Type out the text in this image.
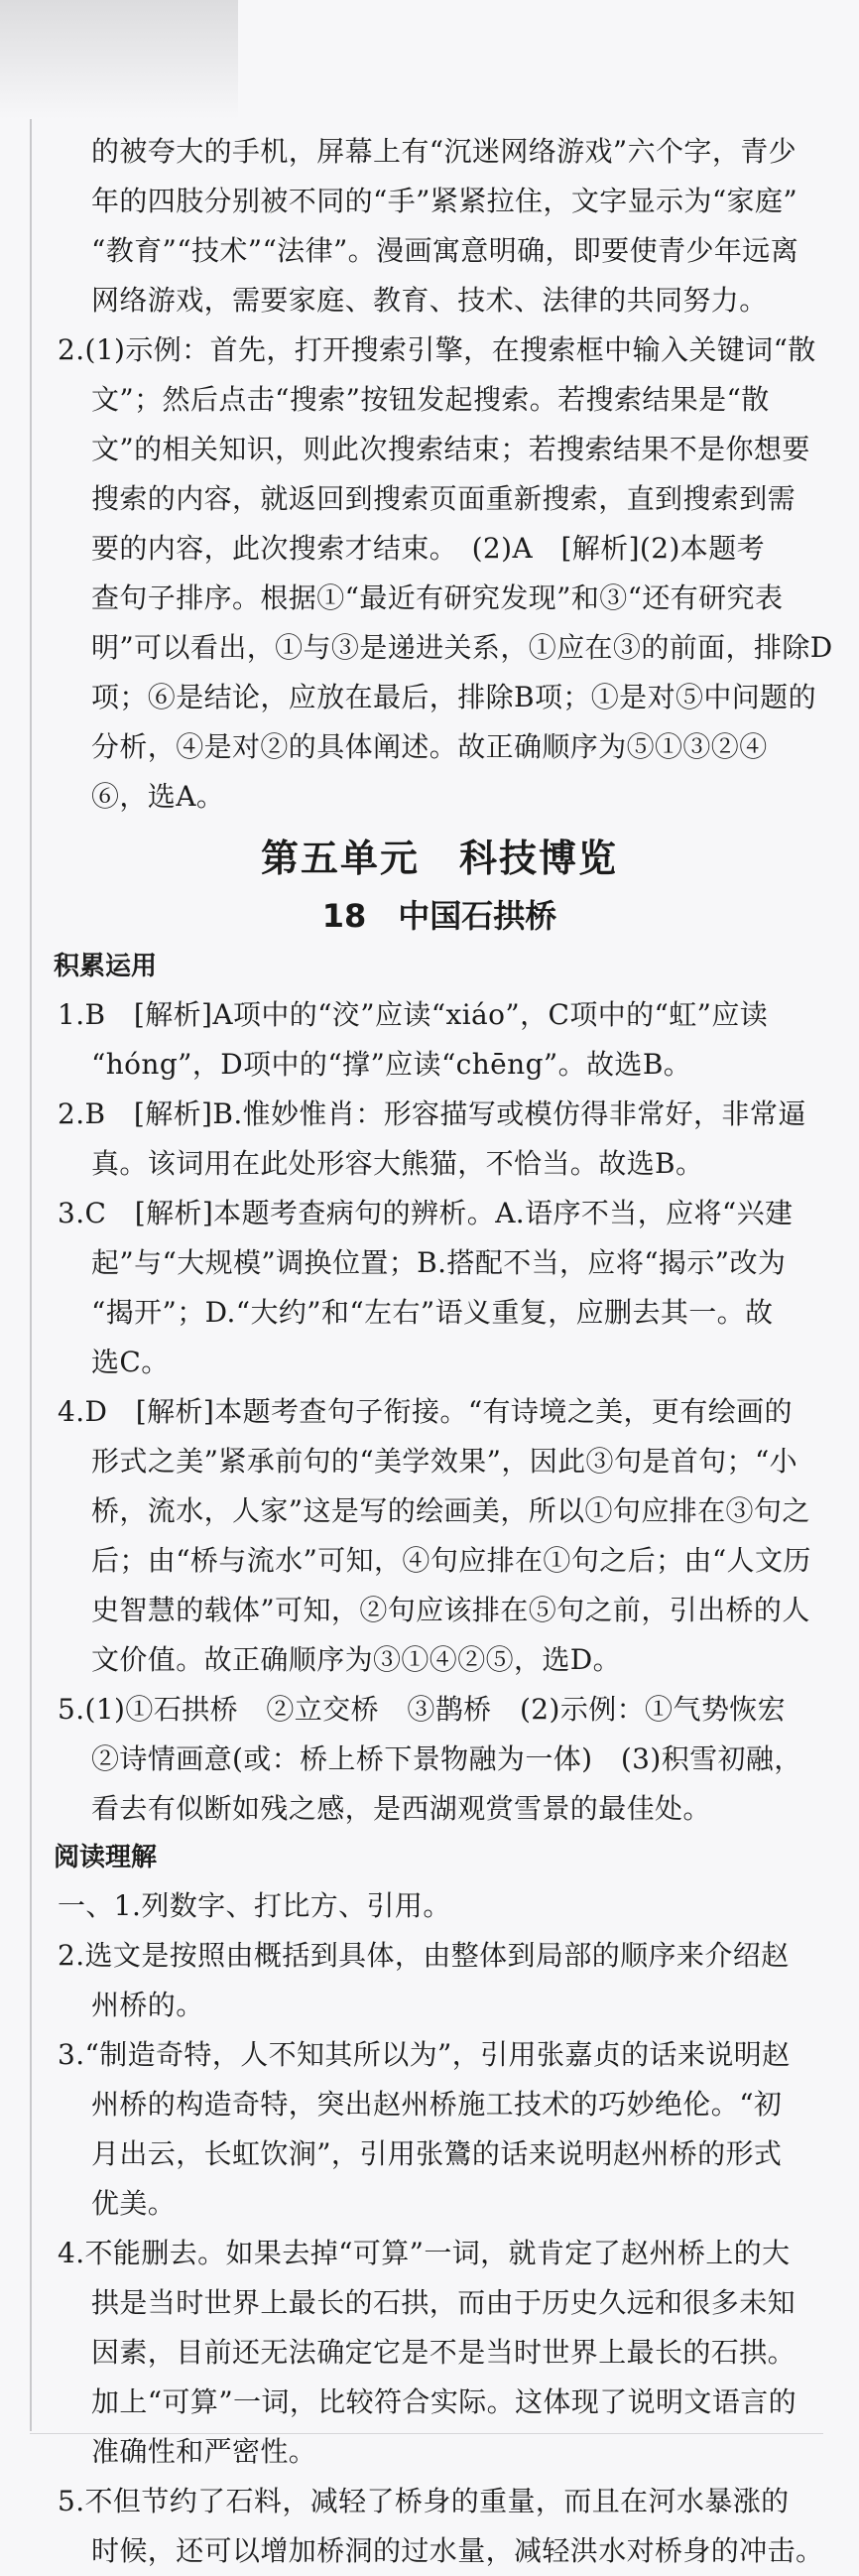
的被夸大的手机，屏幕上有“沉迷网络游戏”六个字，青少
年的四肢分别被不同的“手”紧紧拉住，文字显示为“家庭”
“教育”“技术”“法律”。漫画寓意明确，即要使青少年远离
网络游戏，需要家庭、教育、技术、法律的共同努力。
2.(1)示例：首先，打开搜索引擎，在搜索框中输入关键词“散
文”；然后点击“搜索”按钮发起搜索。若搜索结果是“散
文”的相关知识，则此次搜索结束；若搜索结果不是你想要
搜索的内容，就返回到搜索页面重新搜索，直到搜索到需
要的内容，此次搜索才结束。　(2)A　[解析](2)本题考
查句子排序。根据①“最近有研究发现”和③“还有研究表
明”可以看出，①与③是递进关系，①应在③的前面，排除D
项；⑥是结论，应放在最后，排除B项；①是对⑤中问题的
分析，④是对②的具体阐述。故正确顺序为⑤①③②④
⑥，选A。
第五单元　科技博览
18　中国石拱桥
积累运用
1.B　[解析]A项中的“洨”应读“xiáo”，C项中的“虹”应读
“hóng”，D项中的“撑”应读“chēng”。故选B。
2.B　[解析]B.惟妙惟肖：形容描写或模仿得非常好，非常逼
真。该词用在此处形容大熊猫，不恰当。故选B。
3.C　[解析]本题考查病句的辨析。A.语序不当，应将“兴建
起”与“大规模”调换位置；B.搭配不当，应将“揭示”改为
“揭开”；D.“大约”和“左右”语义重复，应删去其一。故
选C。
4.D　[解析]本题考查句子衔接。“有诗境之美，更有绘画的
形式之美”紧承前句的“美学效果”，因此③句是首句；“小
桥，流水，人家”这是写的绘画美，所以①句应排在③句之
后；由“桥与流水”可知，④句应排在①句之后；由“人文历
史智慧的载体”可知，②句应该排在⑤句之前，引出桥的人
文价值。故正确顺序为③①④②⑤，选D。
5.(1)①石拱桥　②立交桥　③鹊桥　(2)示例：①气势恢宏
②诗情画意(或：桥上桥下景物融为一体)　(3)积雪初融，
看去有似断如残之感，是西湖观赏雪景的最佳处。
阅读理解
一、1.列数字、打比方、引用。
2.选文是按照由概括到具体，由整体到局部的顺序来介绍赵
州桥的。
3.“制造奇特，人不知其所以为”，引用张嘉贞的话来说明赵
州桥的构造奇特，突出赵州桥施工技术的巧妙绝伦。“初
月出云，长虹饮涧”，引用张鷟的话来说明赵州桥的形式
优美。
4.不能删去。如果去掉“可算”一词，就肯定了赵州桥上的大
拱是当时世界上最长的石拱，而由于历史久远和很多未知
因素，目前还无法确定它是不是当时世界上最长的石拱。
加上“可算”一词，比较符合实际。这体现了说明文语言的
准确性和严密性。
5.不但节约了石料，减轻了桥身的重量，而且在河水暴涨的
时候，还可以增加桥洞的过水量，减轻洪水对桥身的冲击。
